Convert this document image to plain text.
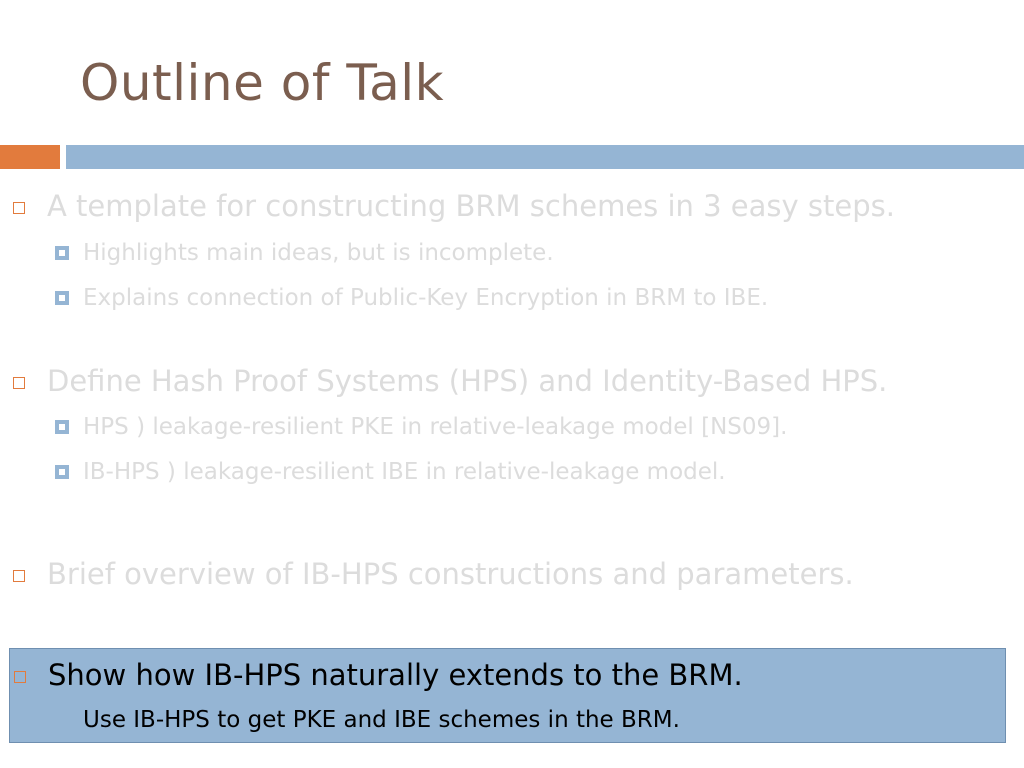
Outline of Talk
A template for constructing BRM schemes in 3 easy steps.
Highlights main ideas, but is incomplete.
Explains connection of Public-Key Encryption in BRM to IBE.
Define Hash Proof Systems (HPS) and Identity-Based HPS.
HPS ) leakage-resilient PKE in relative-leakage model [NS09].
IB-HPS ) leakage-resilient IBE in relative-leakage model.
Brief overview of IB-HPS constructions and parameters.
Show how IB-HPS naturally extends to the BRM.
Use IB-HPS to get PKE and IBE schemes in the BRM.
